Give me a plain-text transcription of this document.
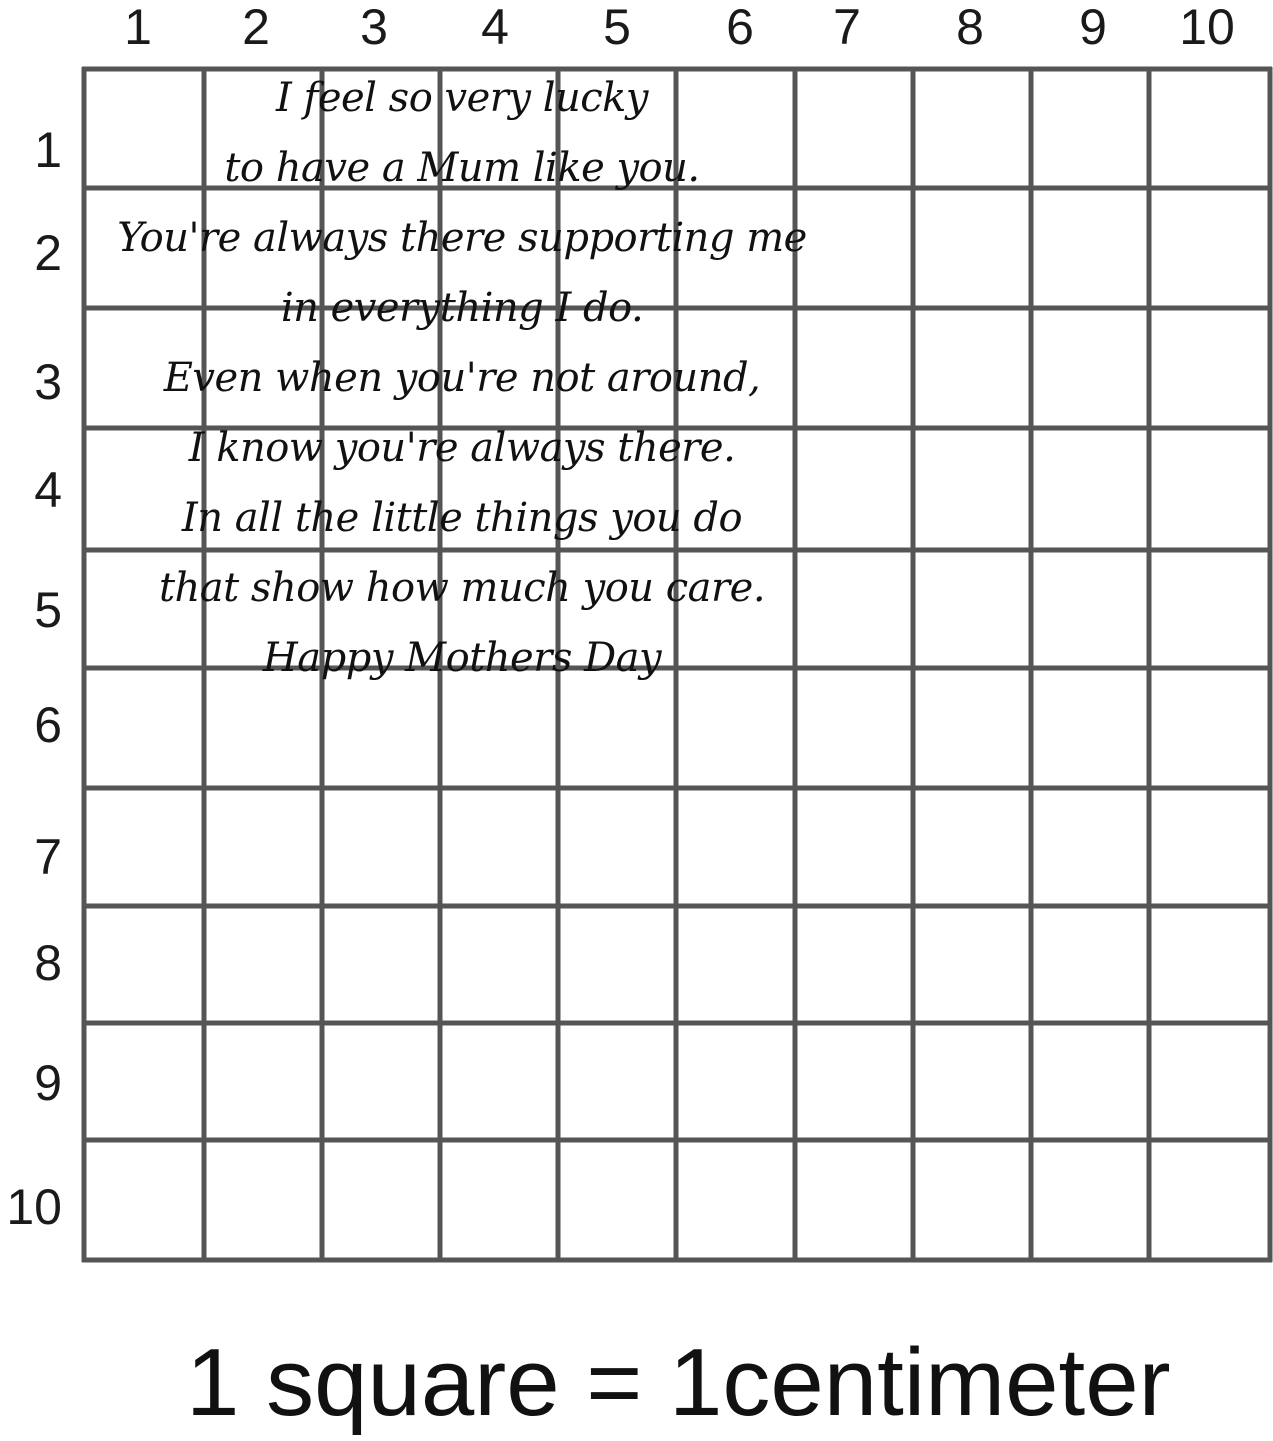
1	2	3	4	5	6	7	8	9	10
1
2
3
4
5
6
7
8
9
10
I feel so very lucky
to have a Mum like you.
You're always there supporting me
in everything I do.
Even when you're not around,
I know you're always there.
In all the little things you do
that show how much you care.
Happy Mothers Day
1 square = 1centimeter
